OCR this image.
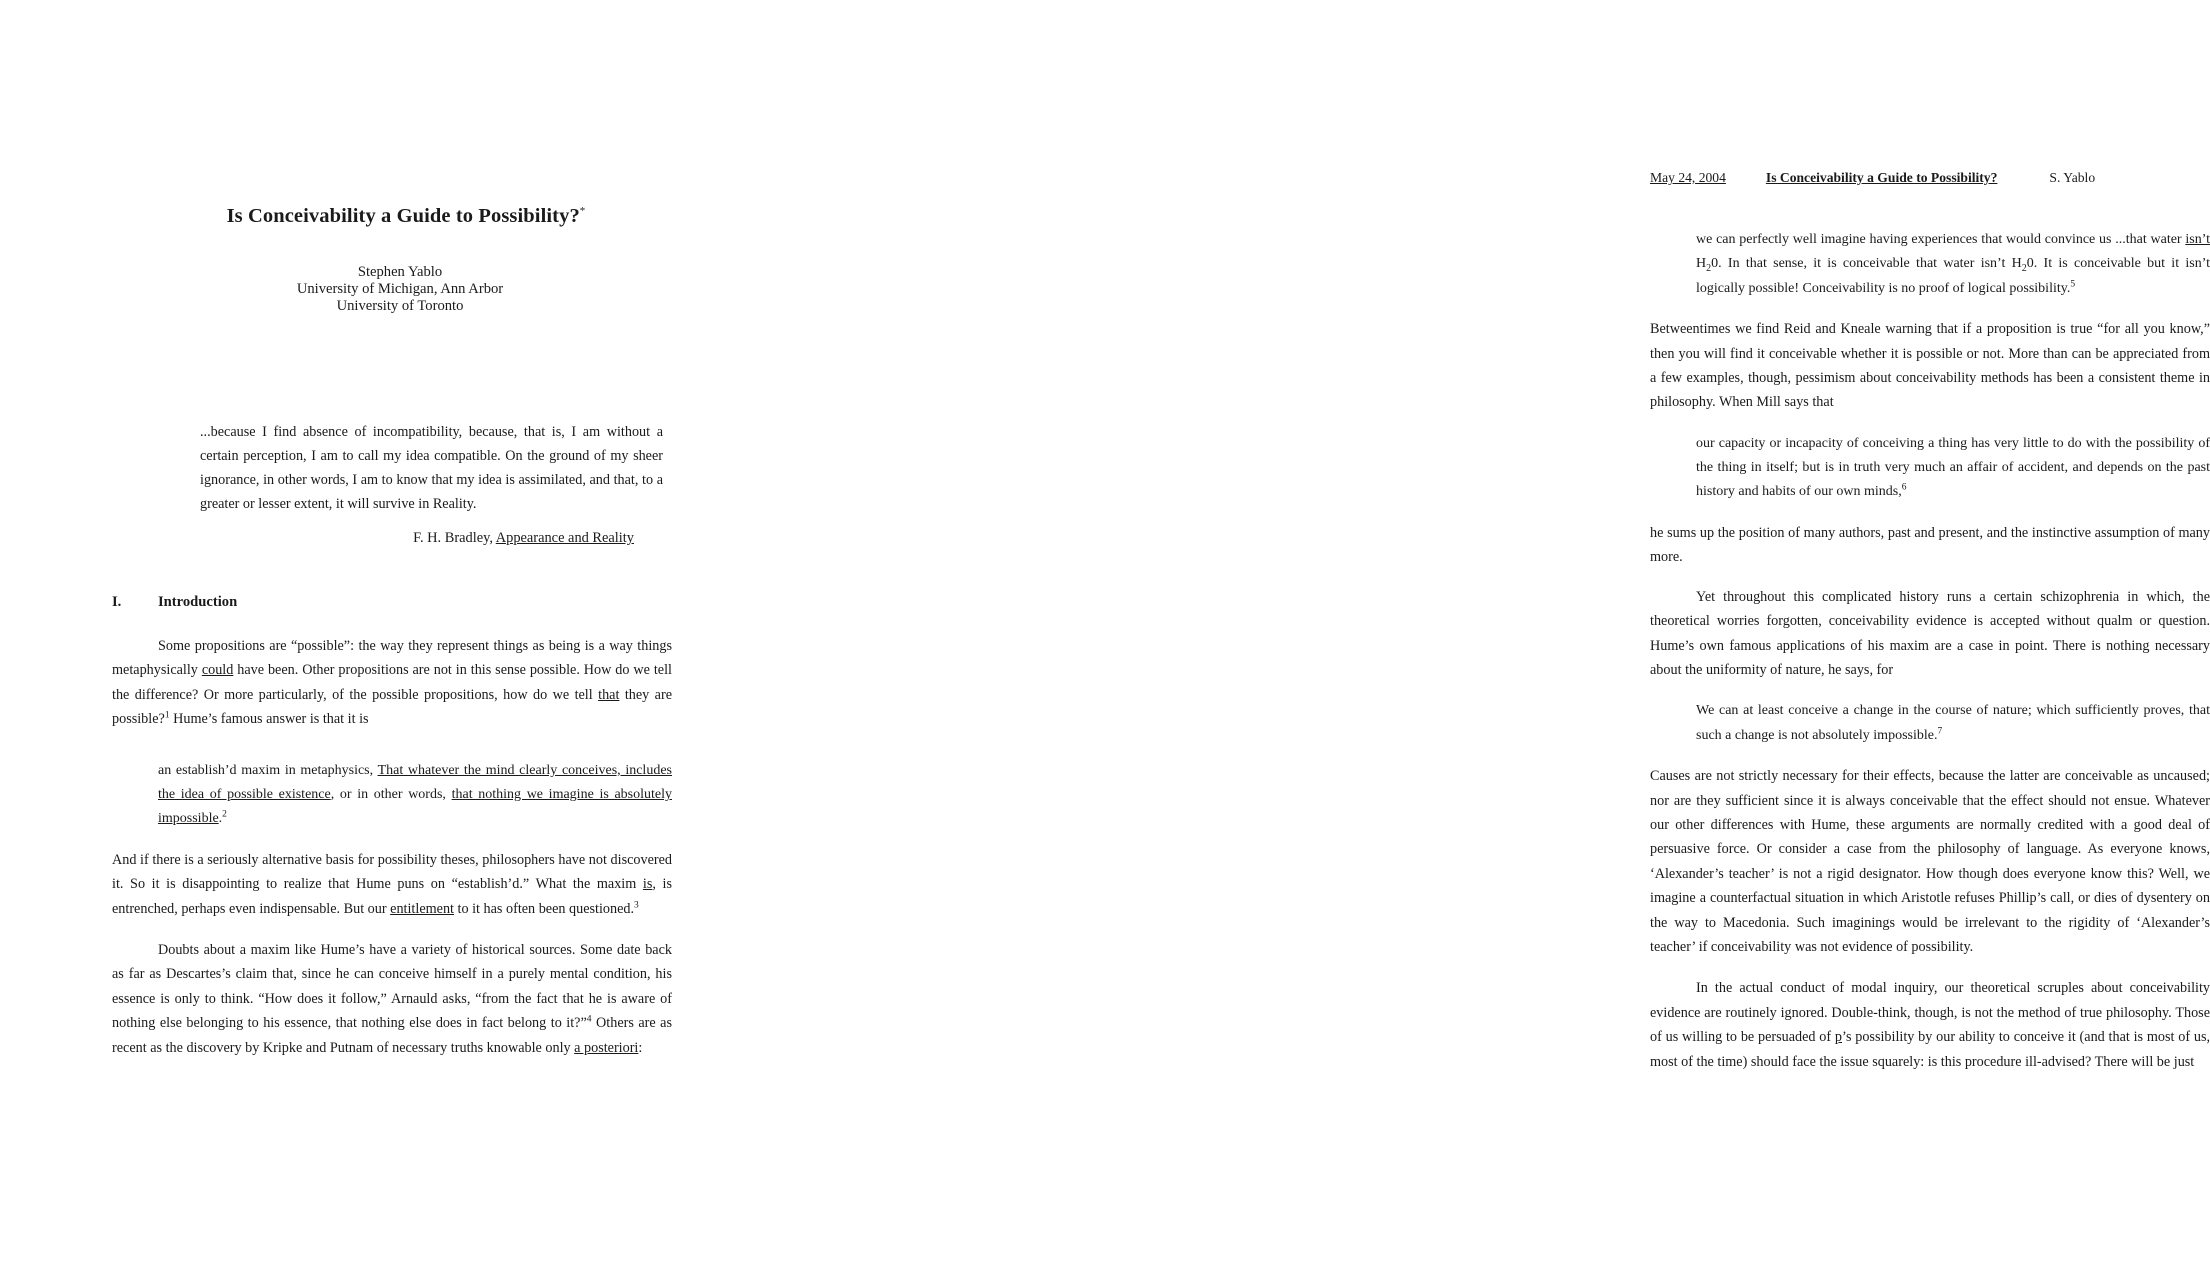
Is Conceivability a Guide to Possibility?*
Stephen Yablo
University of Michigan, Ann Arbor
University of Toronto
...because I find absence of incompatibility, because, that is, I am without a certain perception, I am to call my idea compatible. On the ground of my sheer ignorance, in other words, I am to know that my idea is assimilated, and that, to a greater or lesser extent, it will survive in Reality.
F. H. Bradley, Appearance and Reality
I.	Introduction

Some propositions are “possible”: the way they represent things as being is a way things metaphysically could have been. Other propositions are not in this sense possible. How do we tell the difference? Or more particularly, of the possible propositions, how do we tell that they are possible?$^1$ Hume’s famous answer is that it is

an establish’d maxim in metaphysics, That whatever the mind clearly conceives, includes the idea of possible existence, or in other words, that nothing we imagine is absolutely impossible.$^2$

And if there is a seriously alternative basis for possibility theses, philosophers have not discovered it. So it is disappointing to realize that Hume puns on “establish’d.” What the maxim is, is entrenched, perhaps even indispensable. But our entitlement to it has often been questioned.$^3$

Doubts about a maxim like Hume’s have a variety of historical sources. Some date back as far as Descartes’s claim that, since he can conceive himself in a purely mental condition, his essence is only to think. “How does it follow,” Arnauld asks, “from the fact that he is aware of nothing else belonging to his essence, that nothing else does in fact belong to it?”$^4$ Others are as recent as the discovery by Kripke and Putnam of necessary truths knowable only a posteriori:

May 24, 2004	Is Conceivability a Guide to Possibility?	S. Yablo
we can perfectly well imagine having experiences that would convince us ...that water isn’t $H_20$. In that sense, it is conceivable that water isn’t $H_20$. It is conceivable but it isn’t logically possible! Conceivability is no proof of logical possibility.$^5$

Betweentimes we find Reid and Kneale warning that if a proposition is true “for all you know,” then you will find it conceivable whether it is possible or not. More than can be appreciated from a few examples, though, pessimism about conceivability methods has been a consistent theme in philosophy. When Mill says that

our capacity or incapacity of conceiving a thing has very little to do with the possibility of the thing in itself; but is in truth very much an affair of accident, and depends on the past history and habits of our own minds,$^6$

he sums up the position of many authors, past and present, and the instinctive assumption of many more.

Yet throughout this complicated history runs a certain schizophrenia in which, the theoretical worries forgotten, conceivability evidence is accepted without qualm or question. Hume’s own famous applications of his maxim are a case in point. There is nothing necessary about the uniformity of nature, he says, for

We can at least conceive a change in the course of nature; which sufficiently proves, that such a change is not absolutely impossible.$^7$

Causes are not strictly necessary for their effects, because the latter are conceivable as uncaused; nor are they sufficient since it is always conceivable that the effect should not ensue. Whatever our other differences with Hume, these arguments are normally credited with a good deal of persuasive force. Or consider a case from the philosophy of language. As everyone knows, ‘Alexander’s teacher’ is not a rigid designator. How though does everyone know this? Well, we imagine a counterfactual situation in which Aristotle refuses Phillip’s call, or dies of dysentery on the way to Macedonia. Such imaginings would be irrelevant to the rigidity of ‘Alexander’s teacher’ if conceivability was not evidence of possibility.

In the actual conduct of modal inquiry, our theoretical scruples about conceivability evidence are routinely ignored. Double-think, though, is not the method of true philosophy. Those of us willing to be persuaded of p’s possibility by our ability to conceive it (and that is most of us, most of the time) should face the issue squarely: is this procedure ill-advised? There will be just
